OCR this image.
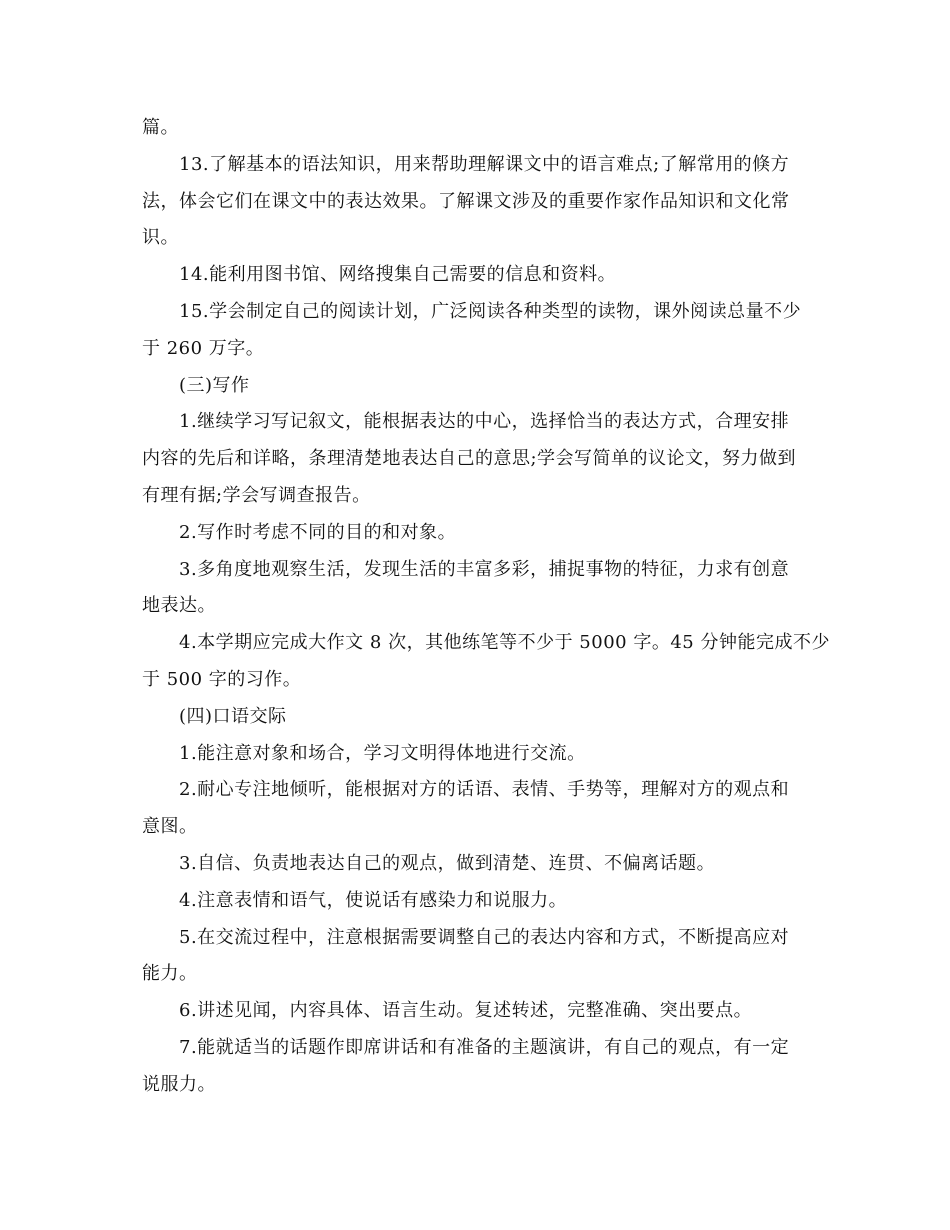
篇。
13.了解基本的语法知识，用来帮助理解课文中的语言难点;了解常用的倏方
法，体会它们在课文中的表达效果。了解课文涉及的重要作家作品知识和文化常
识。
14.能利用图书馆、网络搜集自己需要的信息和资料。
15.学会制定自己的阅读计划，广泛阅读各种类型的读物，课外阅读总量不少
于 260 万字。
(三)写作
1.继续学习写记叙文，能根据表达的中心，选择恰当的表达方式，合理安排
内容的先后和详略，条理清楚地表达自己的意思;学会写简单的议论文，努力做到
有理有据;学会写调查报告。
2.写作时考虑不同的目的和对象。
3.多角度地观察生活，发现生活的丰富多彩，捕捉事物的特征，力求有创意
地表达。
4.本学期应完成大作文 8 次，其他练笔等不少于 5000 字。45 分钟能完成不少
于 500 字的习作。
(四)口语交际
1.能注意对象和场合，学习文明得体地进行交流。
2.耐心专注地倾听，能根据对方的话语、表情、手势等，理解对方的观点和
意图。
3.自信、负责地表达自己的观点，做到清楚、连贯、不偏离话题。
4.注意表情和语气，使说话有感染力和说服力。
5.在交流过程中，注意根据需要调整自己的表达内容和方式，不断提高应对
能力。
6.讲述见闻，内容具体、语言生动。复述转述，完整准确、突出要点。
7.能就适当的话题作即席讲话和有准备的主题演讲，有自己的观点，有一定
说服力。
